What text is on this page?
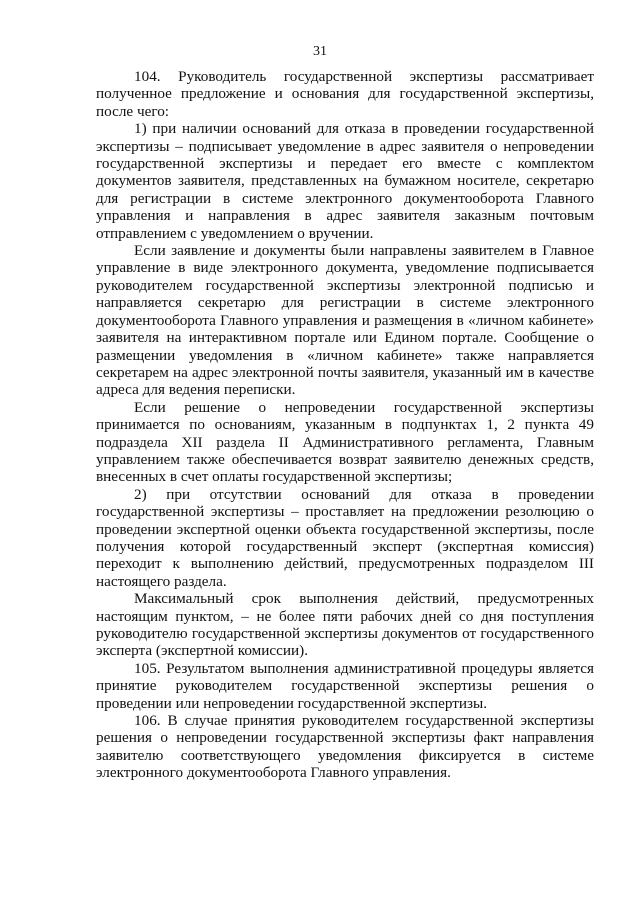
31

104. Руководитель государственной экспертизы рассматривает полученное предложение и основания для государственной экспертизы, после чего:

1) при наличии оснований для отказа в проведении государственной экспертизы – подписывает уведомление в адрес заявителя о непроведении государственной экспертизы и передает его вместе с комплектом документов заявителя, представленных на бумажном носителе, секретарю для регистрации в системе электронного документооборота Главного управления и направления в адрес заявителя заказным почтовым отправлением с уведомлением о вручении.

Если заявление и документы были направлены заявителем в Главное управление в виде электронного документа, уведомление подписывается руководителем государственной экспертизы электронной подписью и направляется секретарю для регистрации в системе электронного документооборота Главного управления и размещения в «личном кабинете» заявителя на интерактивном портале или Едином портале. Сообщение о размещении уведомления в «личном кабинете» также направляется секретарем на адрес электронной почты заявителя, указанный им в качестве адреса для ведения переписки.

Если решение о непроведении государственной экспертизы принимается по основаниям, указанным в подпунктах 1, 2 пункта 49 подраздела XII раздела II Административного регламента, Главным управлением также обеспечивается возврат заявителю денежных средств, внесенных в счет оплаты государственной экспертизы;

2) при отсутствии оснований для отказа в проведении государственной экспертизы – проставляет на предложении резолюцию о проведении экспертной оценки объекта государственной экспертизы, после получения которой государственный эксперт (экспертная комиссия) переходит к выполнению действий, предусмотренных подразделом III настоящего раздела.

Максимальный срок выполнения действий, предусмотренных настоящим пунктом, – не более пяти рабочих дней со дня поступления руководителю государственной экспертизы документов от государственного эксперта (экспертной комиссии).

105. Результатом выполнения административной процедуры является принятие руководителем государственной экспертизы решения о проведении или непроведении государственной экспертизы.

106. В случае принятия руководителем государственной экспертизы решения о непроведении государственной экспертизы факт направления заявителю соответствующего уведомления фиксируется в системе электронного документооборота Главного управления.
